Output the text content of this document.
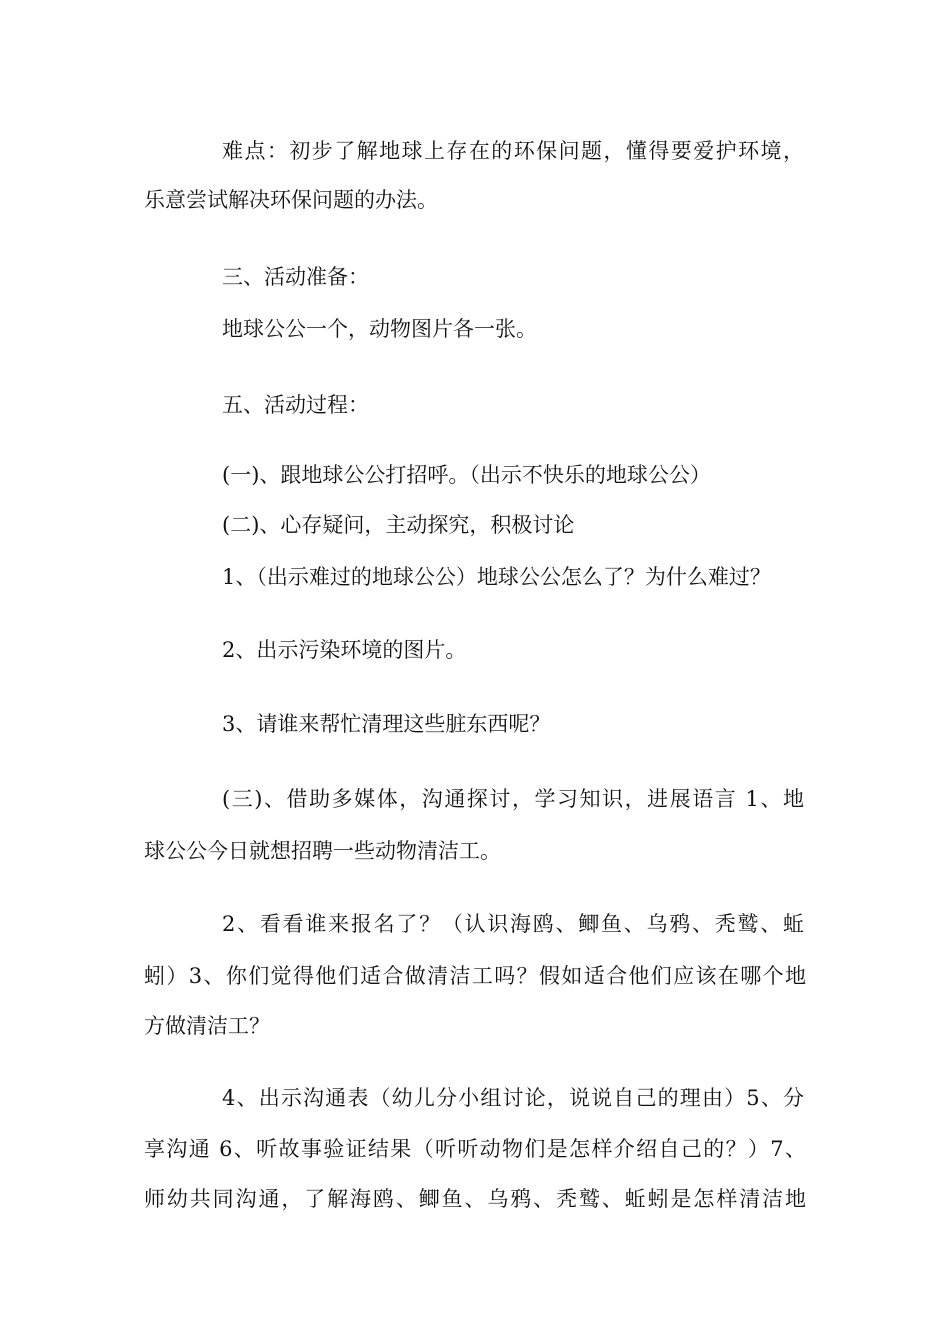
难点：初步了解地球上存在的环保问题，懂得要爱护环境，
乐意尝试解决环保问题的办法。
三、活动准备：
地球公公一个，动物图片各一张。
五、活动过程：
(一)、跟地球公公打招呼。（出示不快乐的地球公公）
(二)、心存疑问，主动探究，积极讨论
1、（出示难过的地球公公）地球公公怎么了？为什么难过？
2、出示污染环境的图片。
3、请谁来帮忙清理这些脏东西呢？
(三)、借助多媒体，沟通探讨，学习知识，进展语言 1、地
球公公今日就想招聘一些动物清洁工。
2、看看谁来报名了？（认识海鸥、鲫鱼、乌鸦、秃鹫、蚯
蚓）3、你们觉得他们适合做清洁工吗？假如适合他们应该在哪个地
方做清洁工？
4、出示沟通表（幼儿分小组讨论，说说自己的理由）5、分
享沟通 6、听故事验证结果（听听动物们是怎样介绍自己的？）7、
师幼共同沟通，了解海鸥、鲫鱼、乌鸦、秃鹫、蚯蚓是怎样清洁地
